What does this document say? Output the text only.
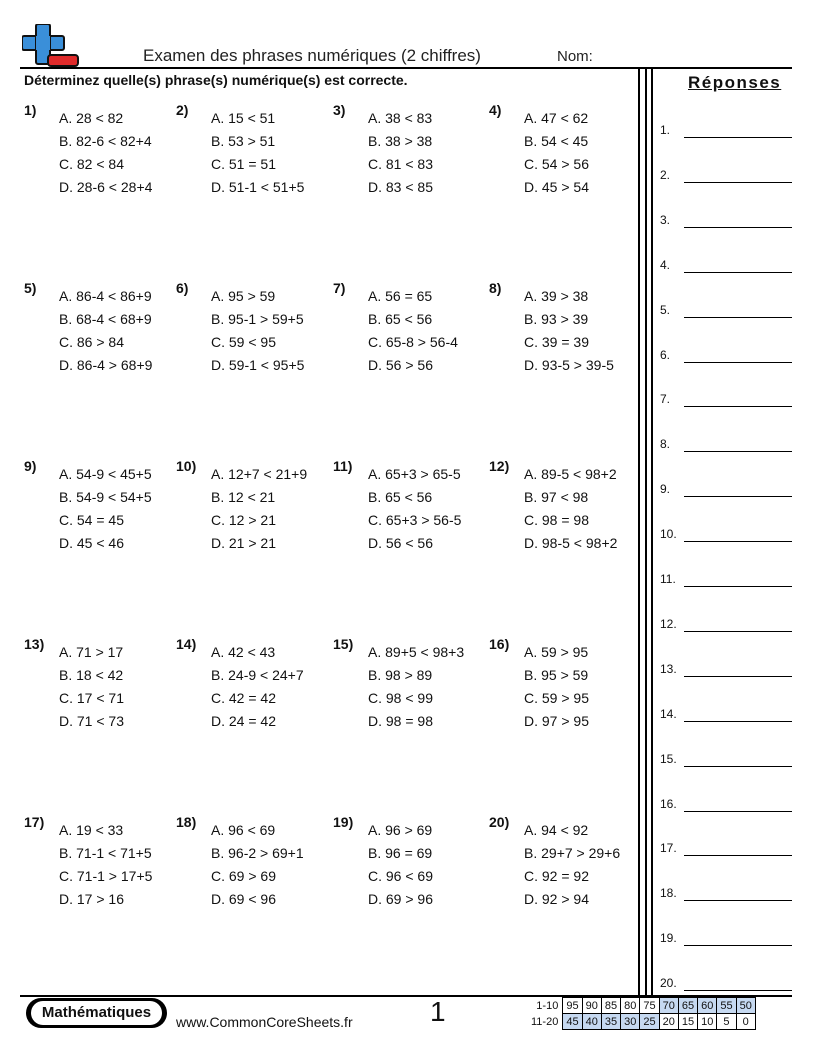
Examen des phrases numériques (2 chiffres)	Nom:
Déterminez quelle(s) phrase(s) numérique(s) est correcte.	Réponses
1.
2.
3.
4.
5.
6.
7.
8.
9.
10.
11.
12.
13.
14.
15.
16.
17.
18.
19.
20.
1) A. 28 < 82
B. 82-6 < 82+4
C. 82 < 84
D. 28-6 < 28+4
2) A. 15 < 51
B. 53 > 51
C. 51 = 51
D. 51-1 < 51+5
3) A. 38 < 83
B. 38 > 38
C. 81 < 83
D. 83 < 85
4) A. 47 < 62
B. 54 < 45
C. 54 > 56
D. 45 > 54
5) A. 86-4 < 86+9
B. 68-4 < 68+9
C. 86 > 84
D. 86-4 > 68+9
6) A. 95 > 59
B. 95-1 > 59+5
C. 59 < 95
D. 59-1 < 95+5
7) A. 56 = 65
B. 65 < 56
C. 65-8 > 56-4
D. 56 > 56
8) A. 39 > 38
B. 93 > 39
C. 39 = 39
D. 93-5 > 39-5
9) A. 54-9 < 45+5
B. 54-9 < 54+5
C. 54 = 45
D. 45 < 46
10) A. 12+7 < 21+9
B. 12 < 21
C. 12 > 21
D. 21 > 21
11) A. 65+3 > 65-5
B. 65 < 56
C. 65+3 > 56-5
D. 56 < 56
12) A. 89-5 < 98+2
B. 97 < 98
C. 98 = 98
D. 98-5 < 98+2
13) A. 71 > 17
B. 18 < 42
C. 17 < 71
D. 71 < 73
14) A. 42 < 43
B. 24-9 < 24+7
C. 42 = 42
D. 24 = 42
15) A. 89+5 < 98+3
B. 98 > 89
C. 98 < 99
D. 98 = 98
16) A. 59 > 95
B. 95 > 59
C. 59 > 95
D. 97 > 95
17) A. 19 < 33
B. 71-1 < 71+5
C. 71-1 > 17+5
D. 17 > 16
18) A. 96 < 69
B. 96-2 > 69+1
C. 69 > 69
D. 69 < 96
19) A. 96 > 69
B. 96 = 69
C. 96 < 69
D. 69 > 96
20) A. 94 < 92
B. 29+7 > 29+6
C. 92 = 92
D. 92 > 94
Mathématiques
www.CommonCoreSheets.fr	1	1-10	95	90	85	80	75	70	65	60	55	50
11-20	45	40	35	30	25	20	15	10	5	0
